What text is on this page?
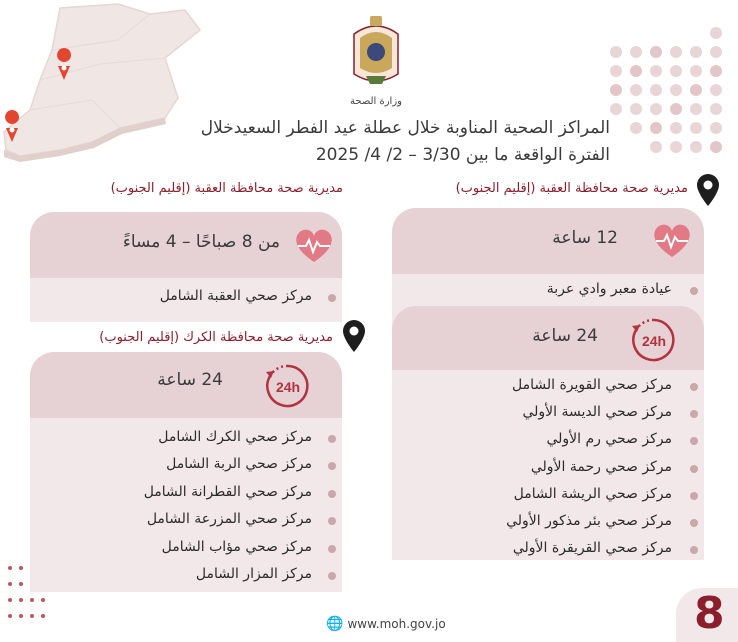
وزارة الصحة
المراكز الصحية المناوبة خلال عطلة عيد الفطر السعيدخلال
الفترة الواقعة ما بين 3/30 – 2/ 4/ 2025
مديرية صحة محافظة العقبة (إقليم الجنوب)
12 ساعة
عيادة معبر وادي عربة
24 ساعة	24h
مركز صحي القويرة الشامل
مركز صحي الديسة الأولي
مركز صحي رم الأولي
مركز صحي رحمة الأولي
مركز صحي الريشة الشامل
مركز صحي بئر مذكور الأولي
مركز صحي القريقرة الأولي
مديرية صحة محافظة العقبة (إقليم الجنوب)
من 8 صباحًا – 4 مساءً
مركز صحي العقبة الشامل
مديرية صحة محافظة الكرك (إقليم الجنوب)
24 ساعة	24h
مركز صحي الكرك الشامل
مركز صحي الربة الشامل
مركز صحي القطرانة الشامل
مركز صحي المزرعة الشامل
مركز صحي مؤاب الشامل
مركز المزار الشامل
🌐 www.moh.gov.jo	8
